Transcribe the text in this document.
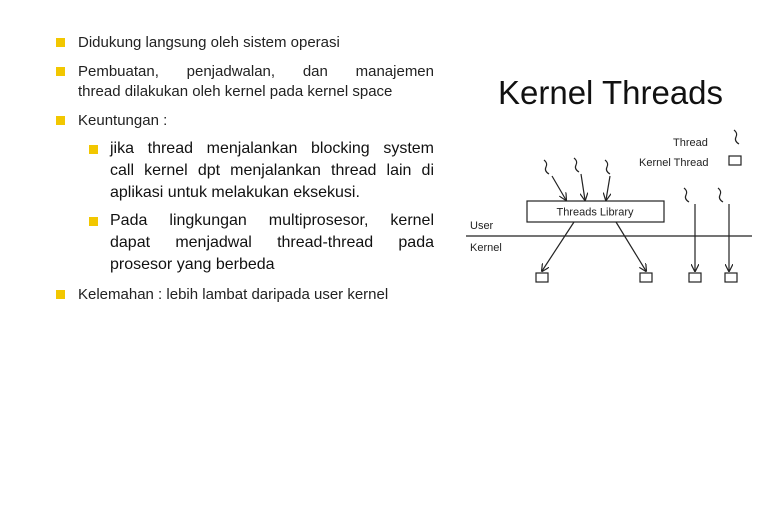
Didukung langsung oleh sistem operasi
Pembuatan, penjadwalan, dan manajemen
thread dilakukan oleh kernel pada kernel space
Keuntungan :
jika thread menjalankan blocking system
call kernel dpt menjalankan thread lain di
aplikasi untuk melakukan eksekusi.
Pada lingkungan multiprosesor, kernel
dapat menjadwal thread-thread pada
prosesor yang berbeda
Kelemahan : lebih lambat daripada user kernel
Kernel Threads
Thread
Kernel Thread
Threads Library
User
Kernel
